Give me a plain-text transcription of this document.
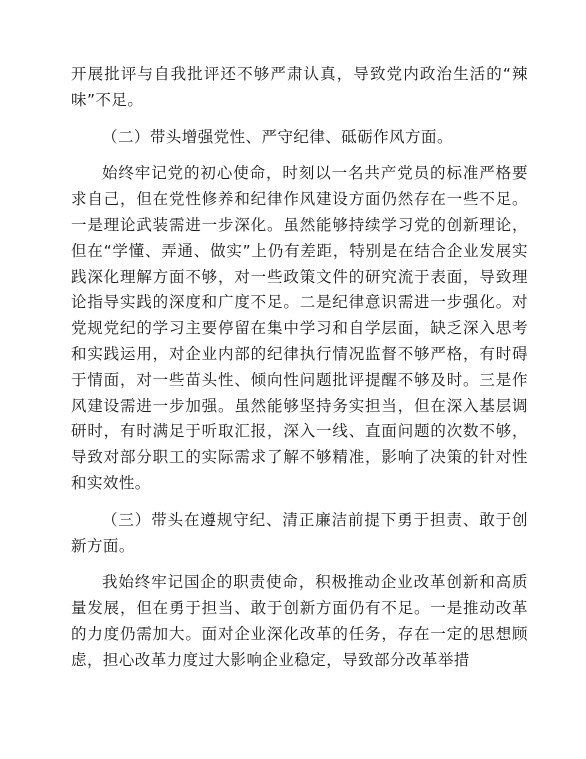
开展批评与自我批评还不够严肃认真，导致党内政治生活的“辣味”不足。

（二）带头增强党性、严守纪律、砥砺作风方面。

始终牢记党的初心使命，时刻以一名共产党员的标准严格要求自己，但在党性修养和纪律作风建设方面仍然存在一些不足。一是理论武装需进一步深化。虽然能够持续学习党的创新理论，但在“学懂、弄通、做实”上仍有差距，特别是在结合企业发展实践深化理解方面不够，对一些政策文件的研究流于表面，导致理论指导实践的深度和广度不足。二是纪律意识需进一步强化。对党规党纪的学习主要停留在集中学习和自学层面，缺乏深入思考和实践运用，对企业内部的纪律执行情况监督不够严格，有时碍于情面，对一些苗头性、倾向性问题批评提醒不够及时。三是作风建设需进一步加强。虽然能够坚持务实担当，但在深入基层调研时，有时满足于听取汇报，深入一线、直面问题的次数不够，导致对部分职工的实际需求了解不够精准，影响了决策的针对性和实效性。

（三）带头在遵规守纪、清正廉洁前提下勇于担责、敢于创新方面。

我始终牢记国企的职责使命，积极推动企业改革创新和高质量发展，但在勇于担当、敢于创新方面仍有不足。一是推动改革的力度仍需加大。面对企业深化改革的任务，存在一定的思想顾虑，担心改革力度过大影响企业稳定，导致部分改革举措
